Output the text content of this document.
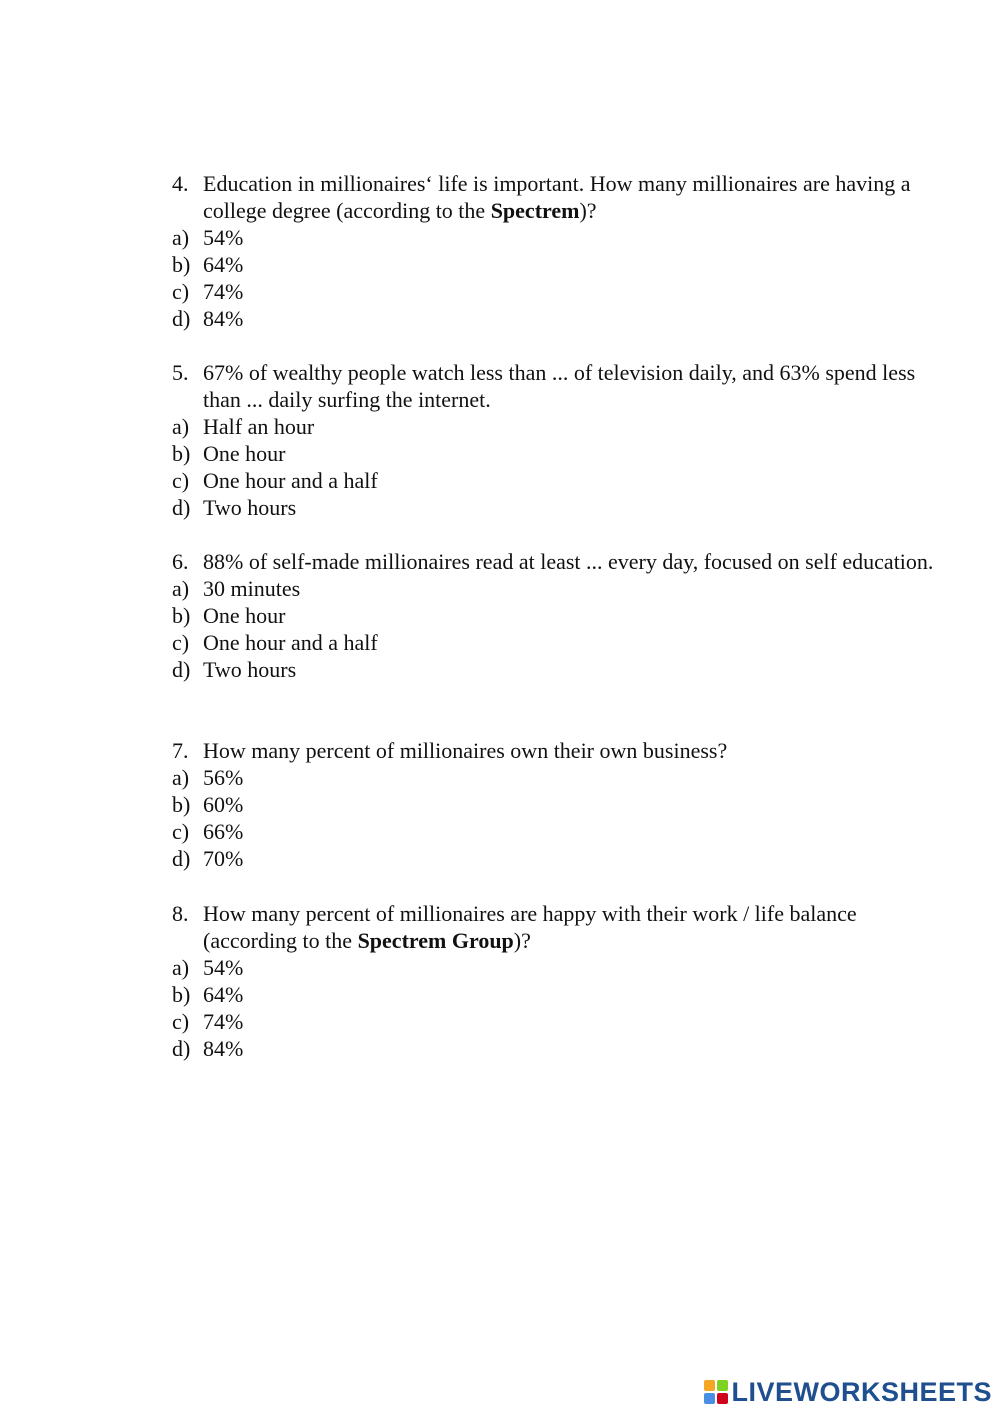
4. Education in millionaires‘ life is important. How many millionaires are having a college degree (according to the Spectrem)?
a) 54%
b) 64%
c) 74%
d) 84%
5. 67% of wealthy people watch less than ... of television daily, and 63% spend less than ... daily surfing the internet.
a) Half an hour
b) One hour
c) One hour and a half
d) Two hours
6. 88% of self-made millionaires read at least ... every day, focused on self education.
a) 30 minutes
b) One hour
c) One hour and a half
d) Two hours
7. How many percent of millionaires own their own business?
a) 56%
b) 60%
c) 66%
d) 70%
8. How many percent of millionaires are happy with their work / life balance (according to the Spectrem Group)?
a) 54%
b) 64%
c) 74%
d) 84%
LIVEWORKSHEETS
